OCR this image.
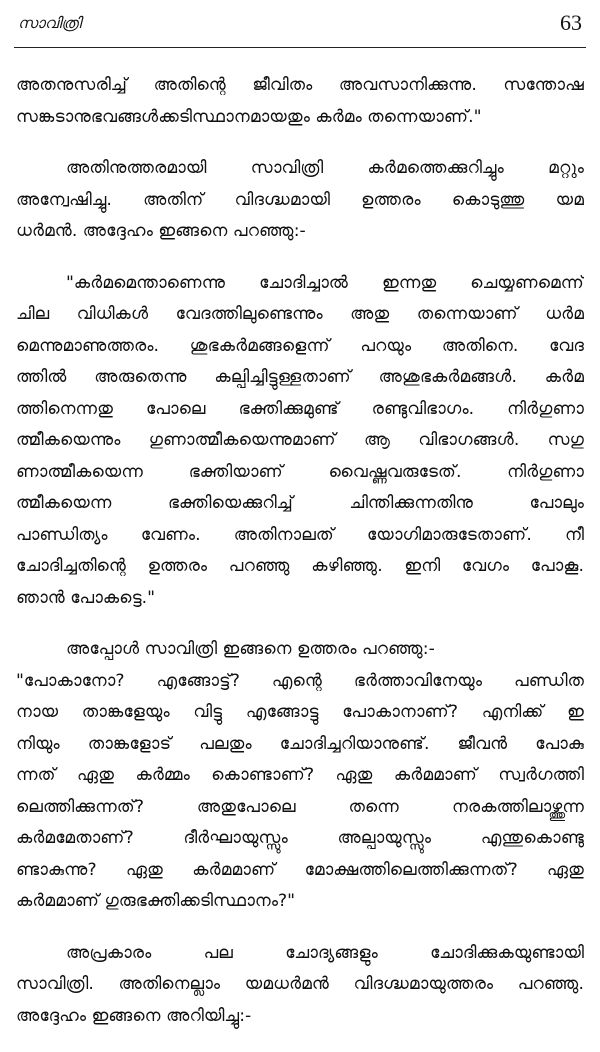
സാവിത്രി	63
അതനുസരിച്ച് അതിന്റെ ജീവിതം അവസാനിക്കുന്നു. സന്തോഷ
സങ്കടാനുഭവങ്ങൾക്കടിസ്ഥാനമായതും കർമം തന്നെയാണ്."
അതിനുത്തരമായി സാവിത്രി കർമത്തെക്കുറിച്ചും മറ്റും
അന്വേഷിച്ചു. അതിന് വിദഗ്ദ്ധമായി ഉത്തരം കൊടുത്തു യമ
ധർമൻ. അദ്ദേഹം ഇങ്ങനെ പറഞ്ഞു:-
"കർമമെന്താണെന്നു ചോദിച്ചാൽ ഇന്നതു ചെയ്യണമെന്ന്
ചില വിധികൾ വേദത്തിലുണ്ടെന്നും അതു തന്നെയാണ് ധർമ
മെന്നുമാണുത്തരം. ശുഭകർമങ്ങളെന്ന് പറയും അതിനെ. വേദ
ത്തിൽ അരുതെന്നു കല്പിച്ചിട്ടുള്ളതാണ് അശുഭകർമങ്ങൾ. കർമ
ത്തിനെന്നതു പോലെ ഭക്തിക്കുമുണ്ട് രണ്ടുവിഭാഗം. നിർഗുണാ
ത്മീകയെന്നും ഗുണാത്മീകയെന്നുമാണ് ആ വിഭാഗങ്ങൾ. സഗു
ണാത്മീകയെന്ന ഭക്തിയാണ് വൈഷ്ണവരുടേത്. നിർഗുണാ
ത്മീകയെന്ന ഭക്തിയെക്കുറിച്ച് ചിന്തിക്കുന്നതിനു പോലും
പാണ്ഡിത്യം വേണം. അതിനാലത് യോഗിമാരുടേതാണ്. നീ
ചോദിച്ചതിന്റെ ഉത്തരം പറഞ്ഞു കഴിഞ്ഞു. ഇനി വേഗം പോകൂ.
ഞാൻ പോകട്ടെ."
അപ്പോൾ സാവിത്രി ഇങ്ങനെ ഉത്തരം പറഞ്ഞു:-
"പോകാനോ? എങ്ങോട്ട്? എന്റെ ഭർത്താവിനേയും പണ്ഡിത
നായ താങ്കളേയും വിട്ടു എങ്ങോട്ടു പോകാനാണ്? എനിക്ക് ഇ
നിയും താങ്കളോട് പലതും ചോദിച്ചറിയാനുണ്ട്. ജീവൻ പോകു
ന്നത് ഏതു കർമ്മം കൊണ്ടാണ്? ഏതു കർമമാണ് സ്വർഗത്തി
ലെത്തിക്കുന്നത്? അതുപോലെ തന്നെ നരകത്തിലാഴ്ത്തുന്ന
കർമമേതാണ്? ദീർഘായുസ്സും അല്പായുസ്സും എന്തുകൊണ്ടു
ണ്ടാകുന്നു? ഏതു കർമമാണ് മോക്ഷത്തിലെത്തിക്കുന്നത്? ഏതു
കർമമാണ് ഗുരുഭക്തിക്കടിസ്ഥാനം?"
അപ്രകാരം പല ചോദ്യങ്ങളും ചോദിക്കുകയുണ്ടായി
സാവിത്രി. അതിനെല്ലാം യമധർമൻ വിദഗ്ദ്ധമായുത്തരം പറഞ്ഞു.
അദ്ദേഹം ഇങ്ങനെ അറിയിച്ചു:-
